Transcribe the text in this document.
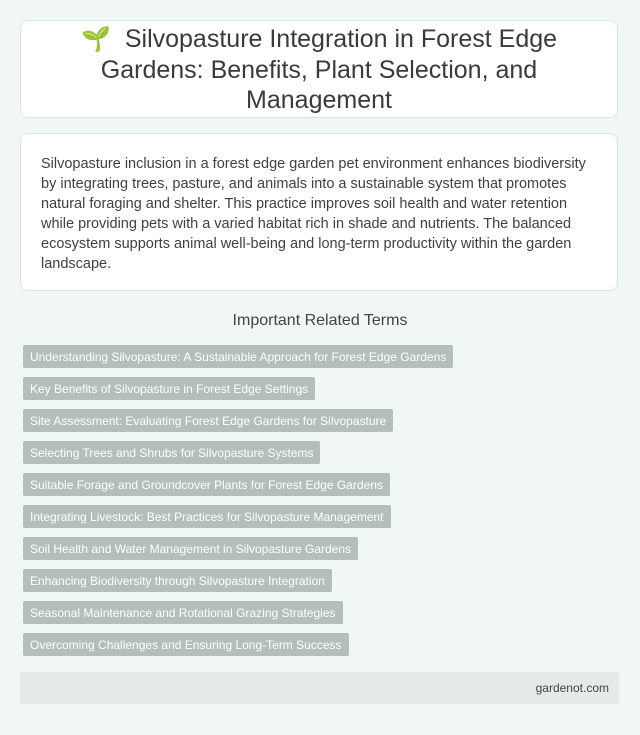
🌱 Silvopasture Integration in Forest Edge Gardens: Benefits, Plant Selection, and Management

Silvopasture inclusion in a forest edge garden pet environment enhances biodiversity by integrating trees, pasture, and animals into a sustainable system that promotes natural foraging and shelter. This practice improves soil health and water retention while providing pets with a varied habitat rich in shade and nutrients. The balanced ecosystem supports animal well-being and long-term productivity within the garden landscape.

Important Related Terms
Understanding Silvopasture: A Sustainable Approach for Forest Edge Gardens
Key Benefits of Silvopasture in Forest Edge Settings
Site Assessment: Evaluating Forest Edge Gardens for Silvopasture
Selecting Trees and Shrubs for Silvopasture Systems
Suitable Forage and Groundcover Plants for Forest Edge Gardens
Integrating Livestock: Best Practices for Silvopasture Management
Soil Health and Water Management in Silvopasture Gardens
Enhancing Biodiversity through Silvopasture Integration
Seasonal Maintenance and Rotational Grazing Strategies
Overcoming Challenges and Ensuring Long-Term Success
gardenot.com
